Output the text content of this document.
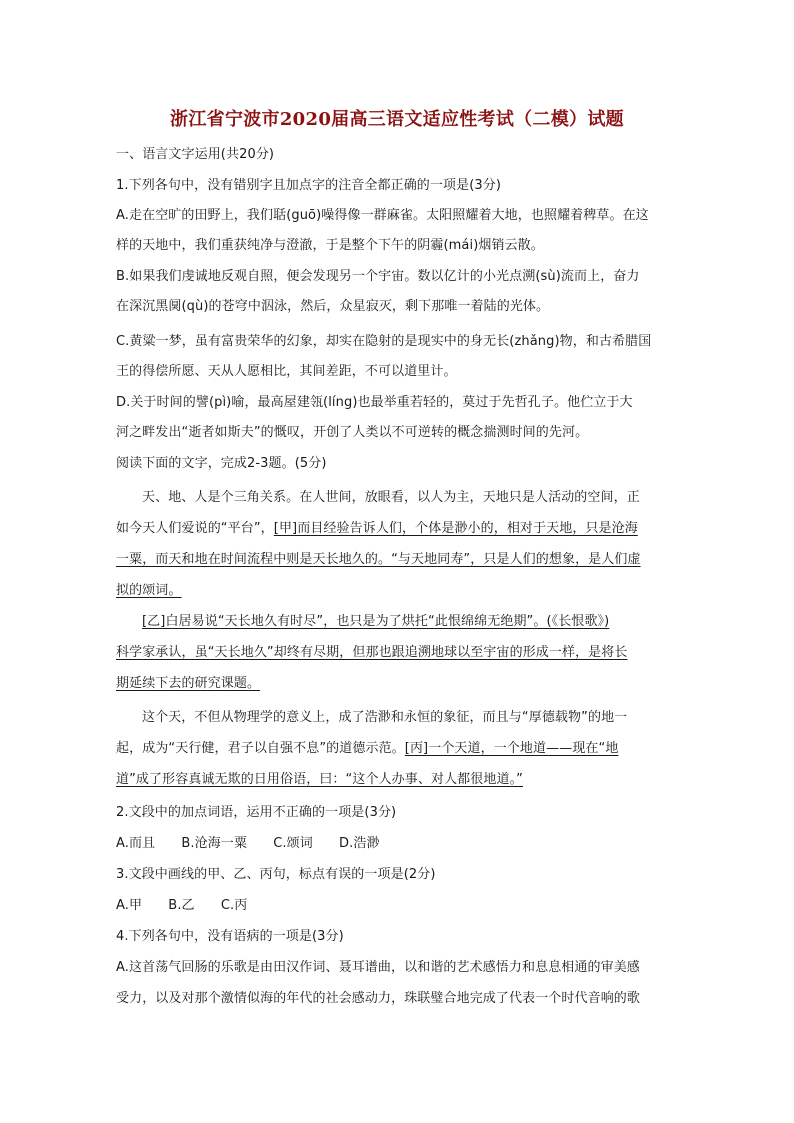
浙江省宁波市2020届高三语文适应性考试（二模）试题
一、语言文字运用(共20分)
1.下列各句中，没有错别字且加点字的注音全都正确的一项是(3分)
A.走在空旷的田野上，我们聒(guō)噪得像一群麻雀。太阳照耀着大地，也照耀着稗草。在这
样的天地中，我们重获纯净与澄澈，于是整个下午的阴霾(mái)烟销云散。
B.如果我们虔诚地反观自照，便会发现另一个宇宙。数以亿计的小光点溯(sù)流而上，奋力
在深沉黑阒(qù)的苍穹中泅泳，然后，众星寂灭，剩下那唯一着陆的光体。
C.黄粱一梦，虽有富贵荣华的幻象，却实在隐射的是现实中的身无长(zhǎng)物，和古希腊国
王的得偿所愿、天从人愿相比，其间差距，不可以道里计。
D.关于时间的譬(pì)喻，最高屋建瓴(líng)也最举重若轻的，莫过于先哲孔子。他伫立于大
河之畔发出“逝者如斯夫”的慨叹，开创了人类以不可逆转的概念揣测时间的先河。
阅读下面的文字，完成2-3题。(5分)
天、地、人是个三角关系。在人世间，放眼看，以人为主，天地只是人活动的空间，正
如今天人们爱说的“平台”，[甲]而目经验告诉人们，个体是渺小的，相对于天地，只是沧海
一粟，而天和地在时间流程中则是天长地久的。“与天地同寿”，只是人们的想象，是人们虚
拟的颂词。
[乙]白居易说“天长地久有时尽”，也只是为了烘托“此恨绵绵无绝期”。(《长恨歌》)
科学家承认，虽“天长地久”却终有尽期，但那也跟追溯地球以至宇宙的形成一样，是将长
期延续下去的研究课题。
这个天，不但从物理学的意义上，成了浩渺和永恒的象征，而且与“厚德载物”的地一
起，成为“天行健，君子以自强不息”的道德示范。[丙]一个天道，一个地道——现在“地
道”成了形容真诚无欺的日用俗语，曰：“这个人办事、对人都很地道。”
2.文段中的加点词语，运用不正确的一项是(3分)
A.而且　　B.沧海一粟　　C.颂词　　D.浩渺
3.文段中画线的甲、乙、丙句，标点有误的一项是(2分)
A.甲　　B.乙　　C.丙
4.下列各句中，没有语病的一项是(3分)
A.这首荡气回肠的乐歌是由田汉作词、聂耳谱曲，以和谐的艺术感悟力和息息相通的审美感
受力，以及对那个激情似海的年代的社会感动力，珠联璧合地完成了代表一个时代音响的歌
